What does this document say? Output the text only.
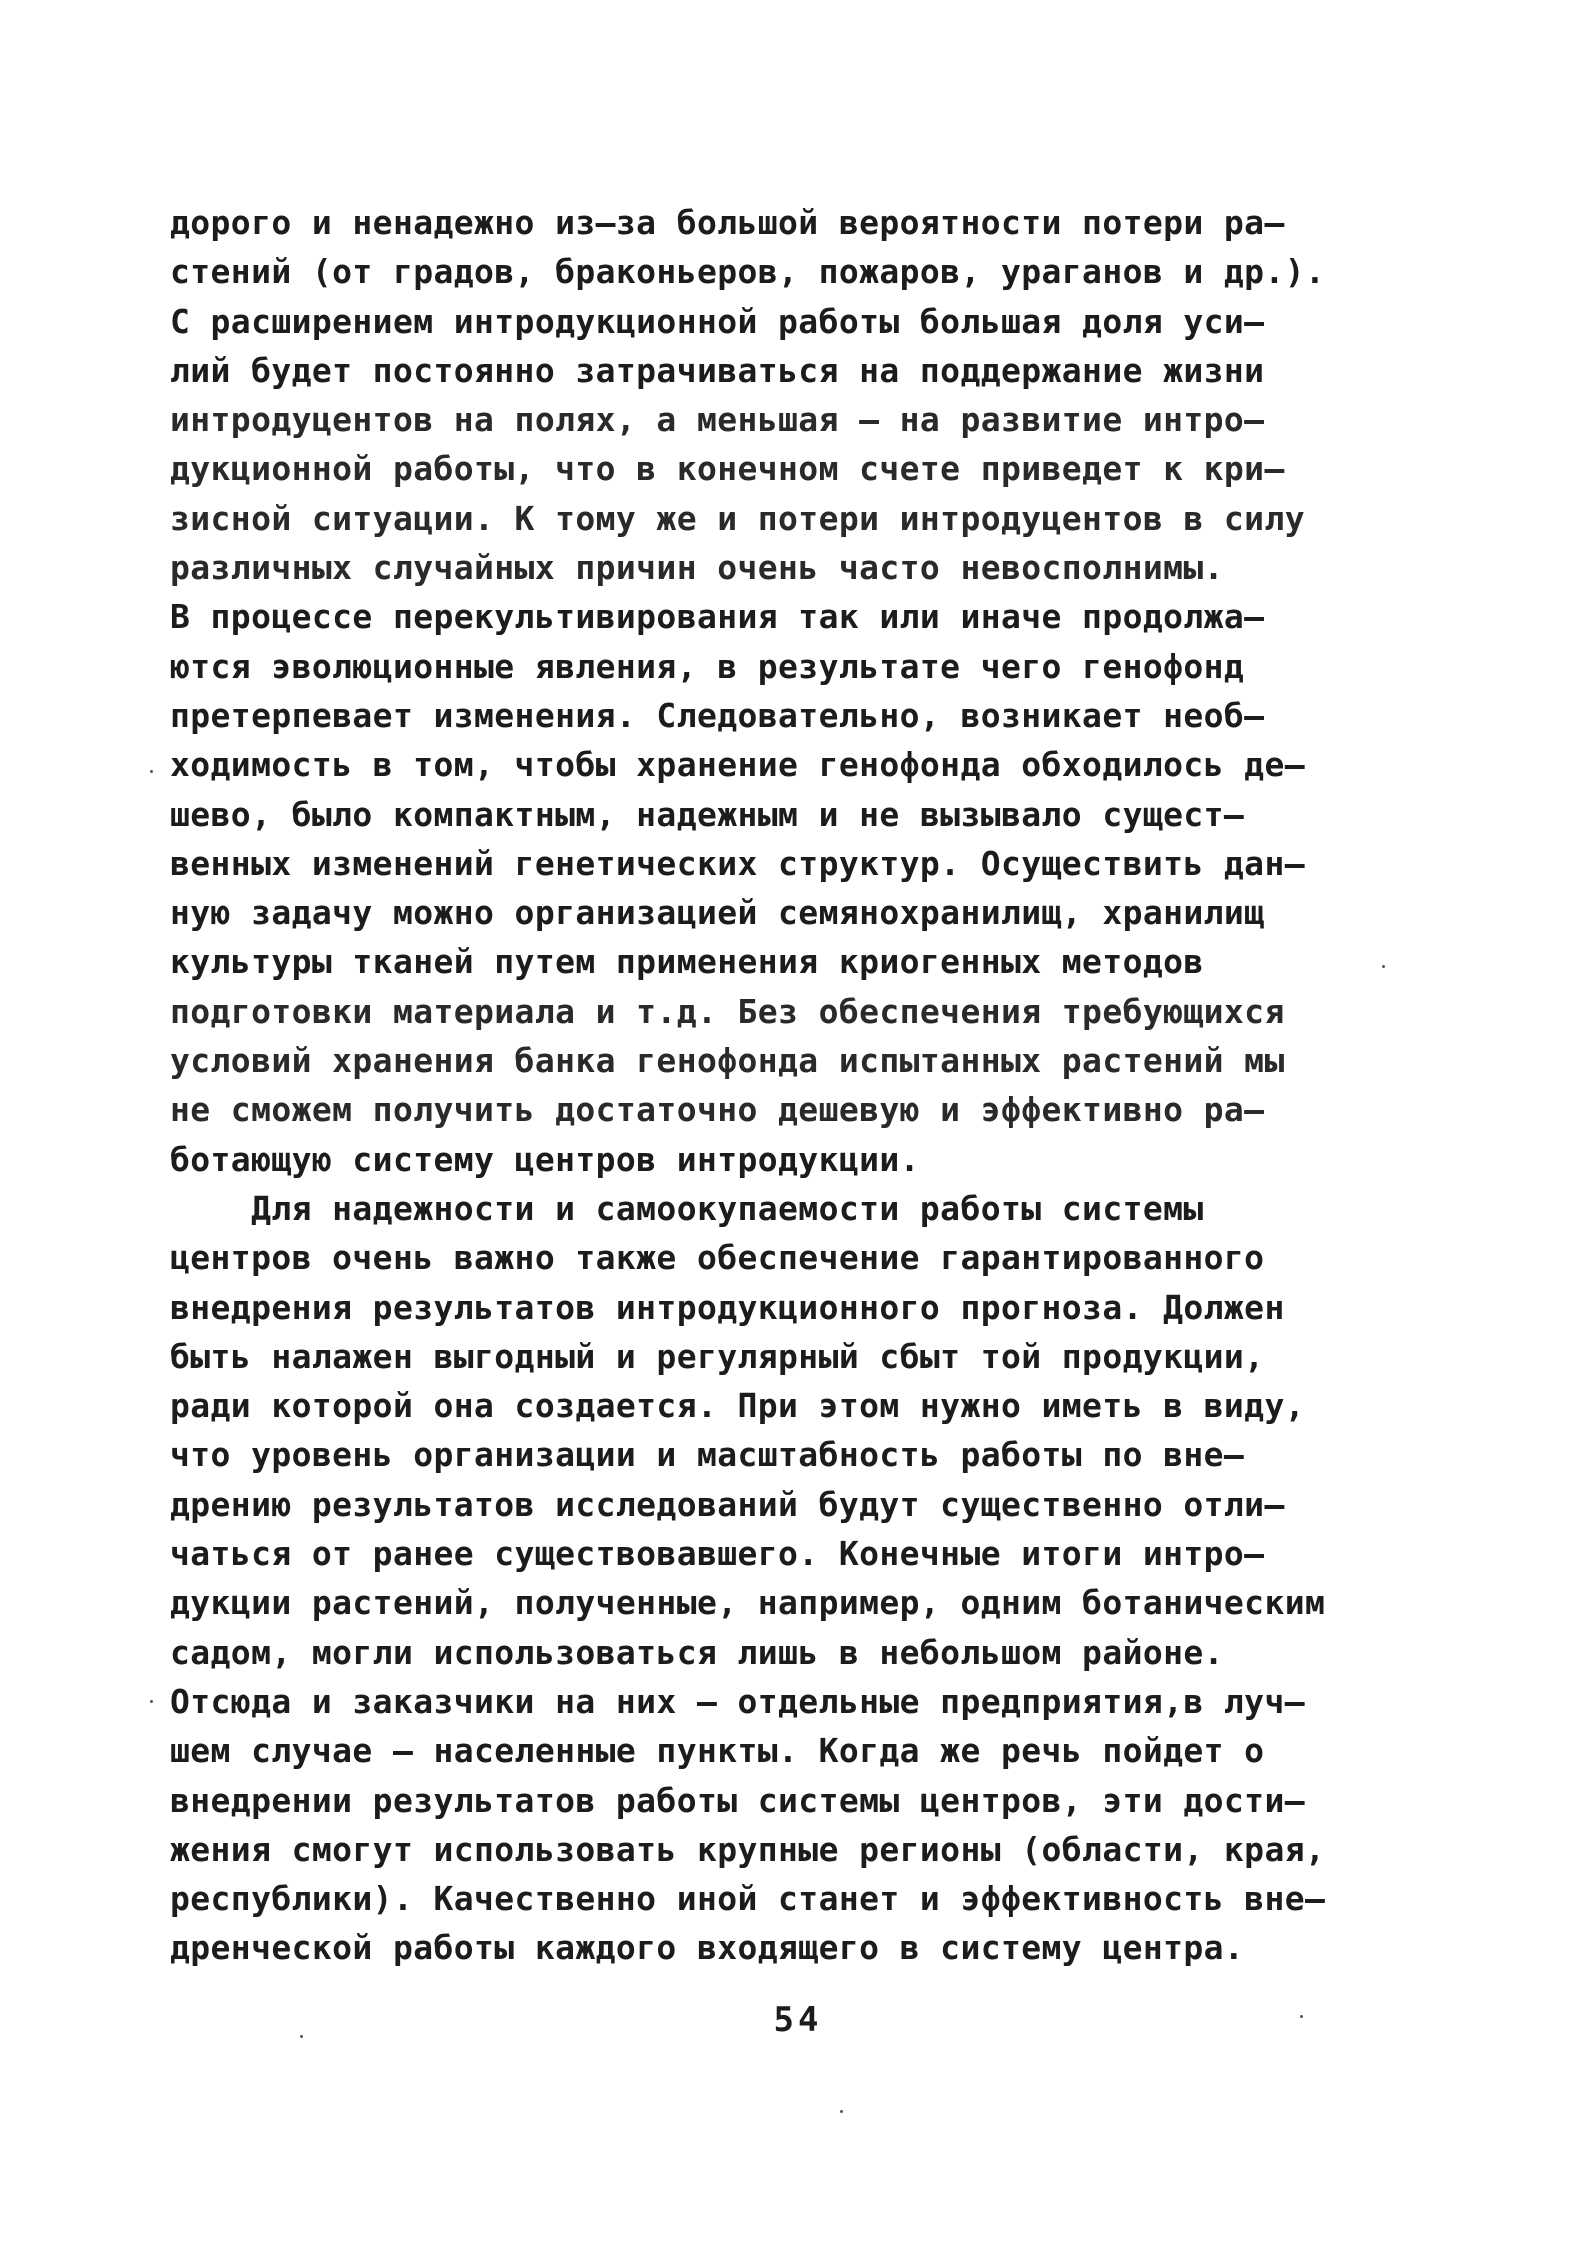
дорого и ненадежно из–за большой вероятности потери ра–
стений (от градов, браконьеров, пожаров, ураганов и др.).
С расширением интродукционной работы большая доля уси–
лий будет постоянно затрачиваться на поддержание жизни
интродуцентов на полях, а меньшая – на развитие интро–
дукционной работы, что в конечном счете приведет к кри–
зисной ситуации. К тому же и потери интродуцентов в силу
различных случайных причин очень часто невосполнимы.
В процессе перекультивирования так или иначе продолжа–
ются эволюционные явления, в результате чего генофонд
претерпевает изменения. Следовательно, возникает необ–
ходимость в том, чтобы хранение генофонда обходилось де–
шево, было компактным, надежным и не вызывало сущест–
венных изменений генетических структур. Осуществить дан–
ную задачу можно организацией семянохранилищ, хранилищ
культуры тканей путем применения криогенных методов
подготовки материала и т.д. Без обеспечения требующихся
условий хранения банка генофонда испытанных растений мы
не сможем получить достаточно дешевую и эффективно ра–
ботающую систему центров интродукции.
Для надежности и самоокупаемости работы системы
центров очень важно также обеспечение гарантированного
внедрения результатов интродукционного прогноза. Должен
быть налажен выгодный и регулярный сбыт той продукции,
ради которой она создается. При этом нужно иметь в виду,
что уровень организации и масштабность работы по вне–
дрению результатов исследований будут существенно отли–
чаться от ранее существовавшего. Конечные итоги интро–
дукции растений, полученные, например, одним ботаническим
садом, могли использоваться лишь в небольшом районе.
Отсюда и заказчики на них – отдельные предприятия,в луч–
шем случае – населенные пункты. Когда же речь пойдет о
внедрении результатов работы системы центров, эти дости–
жения смогут использовать крупные регионы (области, края,
республики). Качественно иной станет и эффективность вне–
дренческой работы каждого входящего в систему центра.
54
